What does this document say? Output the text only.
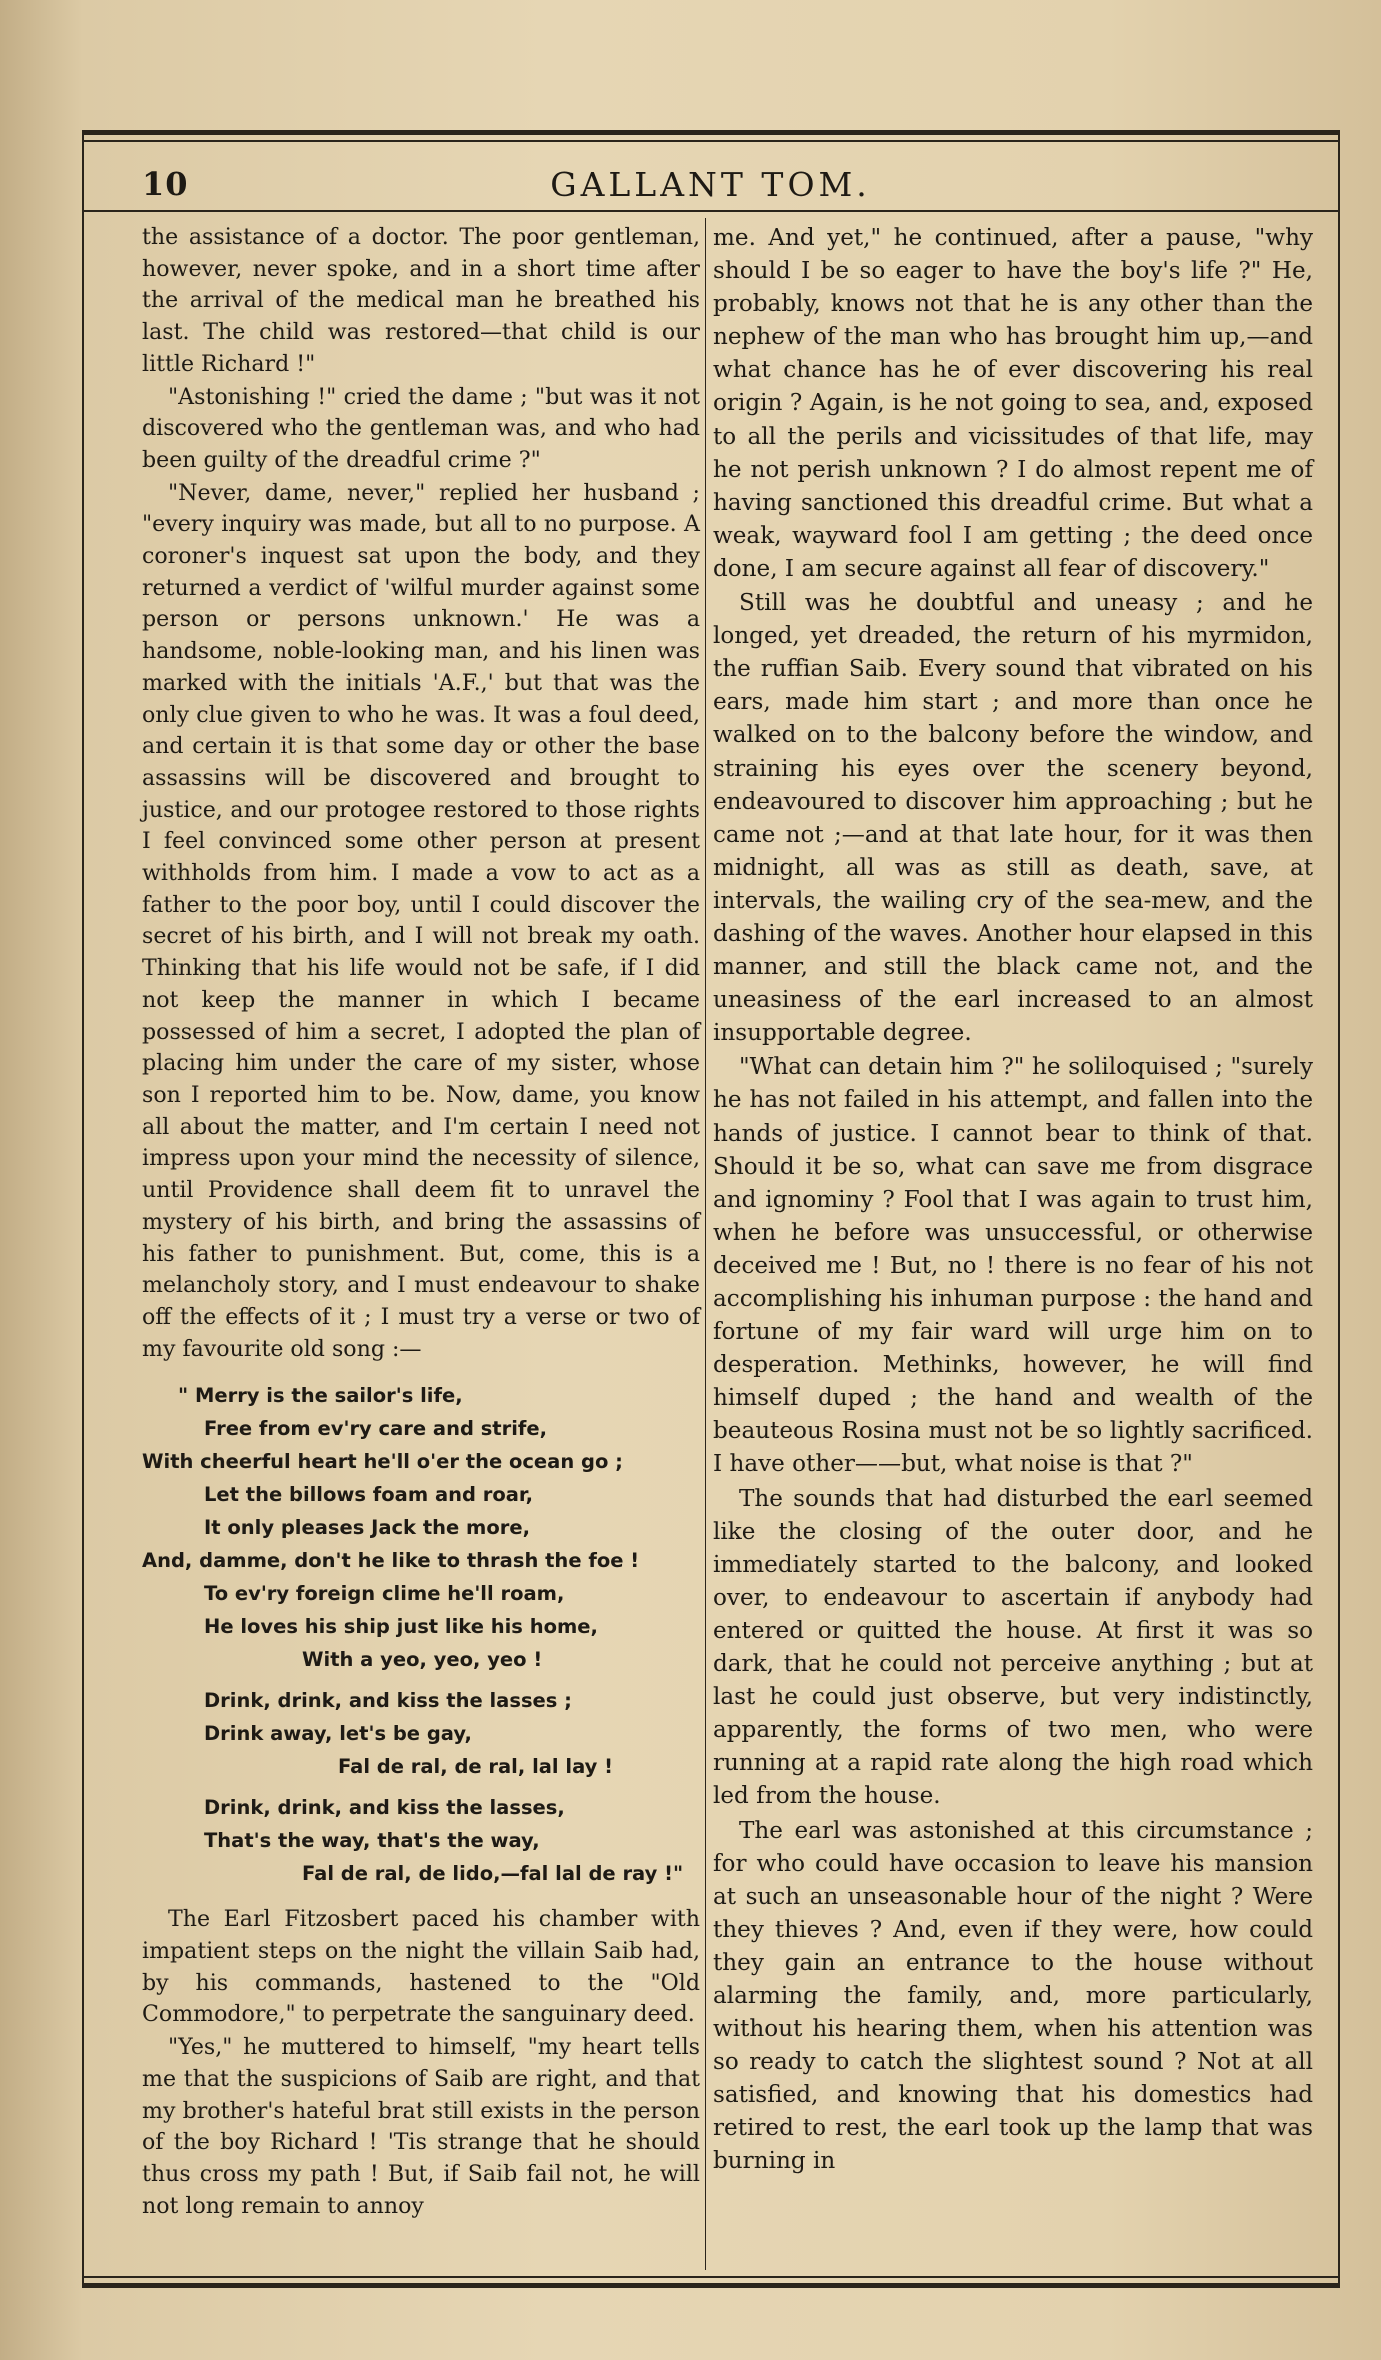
10	GALLANT TOM.

the assistance of a doctor. The poor gentleman, however, never spoke, and in a short time after the arrival of the medical man he breathed his last. The child was restored—that child is our little Richard !"

"Astonishing !" cried the dame ; "but was it not discovered who the gentleman was, and who had been guilty of the dreadful crime ?"

"Never, dame, never," replied her husband ; "every inquiry was made, but all to no purpose. A coroner's inquest sat upon the body, and they returned a verdict of 'wilful murder against some person or persons unknown.' He was a handsome, noble-looking man, and his linen was marked with the initials 'A.F.,' but that was the only clue given to who he was. It was a foul deed, and certain it is that some day or other the base assassins will be discovered and brought to justice, and our protogee restored to those rights I feel convinced some other person at present withholds from him. I made a vow to act as a father to the poor boy, until I could discover the secret of his birth, and I will not break my oath. Thinking that his life would not be safe, if I did not keep the manner in which I became possessed of him a secret, I adopted the plan of placing him under the care of my sister, whose son I reported him to be. Now, dame, you know all about the matter, and I'm certain I need not impress upon your mind the necessity of silence, until Providence shall deem fit to unravel the mystery of his birth, and bring the assassins of his father to punishment. But, come, this is a melancholy story, and I must endeavour to shake off the effects of it ; I must try a verse or two of my favourite old song :—

" Merry is the sailor's life,
Free from ev'ry care and strife,
With cheerful heart he'll o'er the ocean go ;
Let the billows foam and roar,
It only pleases Jack the more,
And, damme, don't he like to thrash the foe !
To ev'ry foreign clime he'll roam,
He loves his ship just like his home,
With a yeo, yeo, yeo !
Drink, drink, and kiss the lasses ;
Drink away, let's be gay,
Fal de ral, de ral, lal lay !
Drink, drink, and kiss the lasses,
That's the way, that's the way,
Fal de ral, de lido,—fal lal de ray !"

The Earl Fitzosbert paced his chamber with impatient steps on the night the villain Saib had, by his commands, hastened to the "Old Commodore," to perpetrate the sanguinary deed.

"Yes," he muttered to himself, "my heart tells me that the suspicions of Saib are right, and that my brother's hateful brat still exists in the person of the boy Richard ! 'Tis strange that he should thus cross my path ! But, if Saib fail not, he will not long remain to annoy

me. And yet," he continued, after a pause, "why should I be so eager to have the boy's life ?" He, probably, knows not that he is any other than the nephew of the man who has brought him up,—and what chance has he of ever discovering his real origin ? Again, is he not going to sea, and, exposed to all the perils and vicissitudes of that life, may he not perish unknown ? I do almost repent me of having sanctioned this dreadful crime. But what a weak, wayward fool I am getting ; the deed once done, I am secure against all fear of discovery."

Still was he doubtful and uneasy ; and he longed, yet dreaded, the return of his myrmidon, the ruffian Saib. Every sound that vibrated on his ears, made him start ; and more than once he walked on to the balcony before the window, and straining his eyes over the scenery beyond, endeavoured to discover him approaching ; but he came not ;—and at that late hour, for it was then midnight, all was as still as death, save, at intervals, the wailing cry of the sea-mew, and the dashing of the waves. Another hour elapsed in this manner, and still the black came not, and the uneasiness of the earl increased to an almost insupportable degree.

"What can detain him ?" he soliloquised ; "surely he has not failed in his attempt, and fallen into the hands of justice. I cannot bear to think of that. Should it be so, what can save me from disgrace and ignominy ? Fool that I was again to trust him, when he before was unsuccessful, or otherwise deceived me ! But, no ! there is no fear of his not accomplishing his inhuman purpose : the hand and fortune of my fair ward will urge him on to desperation. Methinks, however, he will find himself duped ; the hand and wealth of the beauteous Rosina must not be so lightly sacrificed. I have other——but, what noise is that ?"

The sounds that had disturbed the earl seemed like the closing of the outer door, and he immediately started to the balcony, and looked over, to endeavour to ascertain if anybody had entered or quitted the house. At first it was so dark, that he could not perceive anything ; but at last he could just observe, but very indistinctly, apparently, the forms of two men, who were running at a rapid rate along the high road which led from the house.

The earl was astonished at this circumstance ; for who could have occasion to leave his mansion at such an unseasonable hour of the night ? Were they thieves ? And, even if they were, how could they gain an entrance to the house without alarming the family, and, more particularly, without his hearing them, when his attention was so ready to catch the slightest sound ? Not at all satisfied, and knowing that his domestics had retired to rest, the earl took up the lamp that was burning in
